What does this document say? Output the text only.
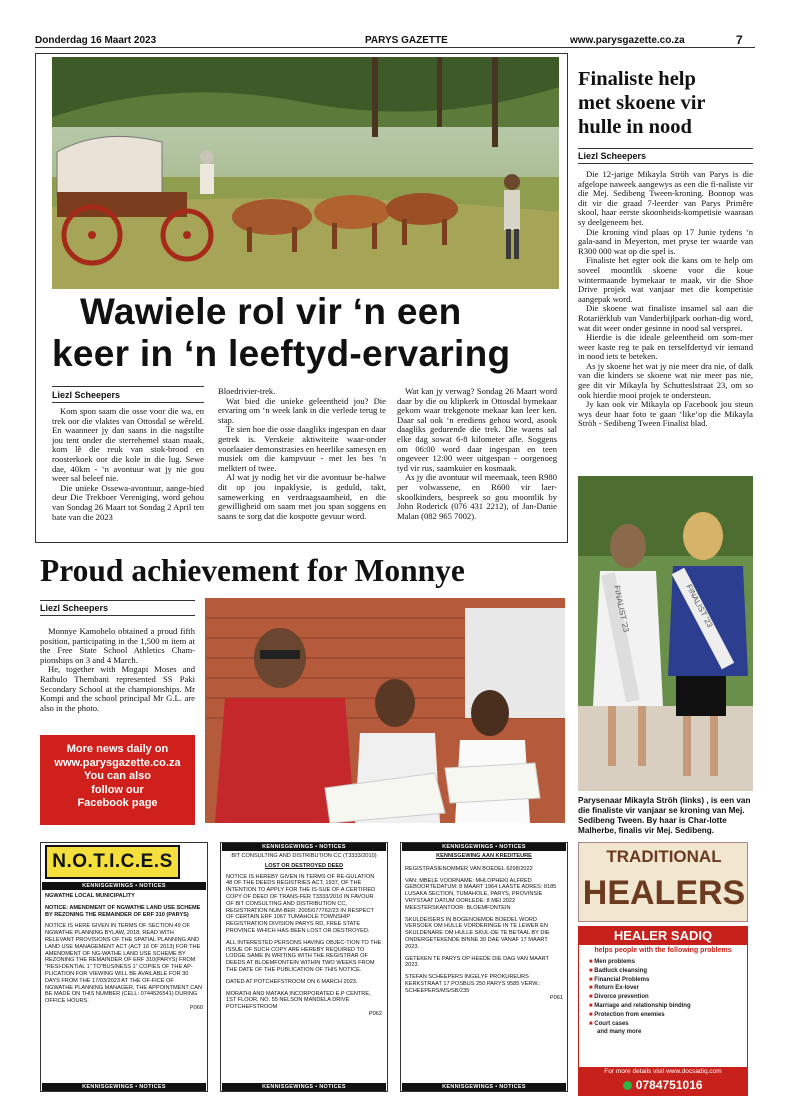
Donderdag 16 Maart 2023	PARYS GAZETTE	www.parysgazette.co.za	7
Wawiele rol vir ‘n een
keer in ‘n leeftyd-ervaring
Liezl Scheepers

Kom spon saam die osse voor die wa, en trek oor die vlaktes van Ottosdal se wêreld. En waanneer jy dan saans in die nagstilte jou tent onder die sterrehemel staan maak, kom lê die reuk van stok-brood en roosterkoek oor die kole in die lug. Sewe dae, 40km - ‘n avontuur wat jy nie gou weer sal beleef nie.

Die unieke Ossewa-avontuur, aange-bied deur Die Trekboer Vereniging, word gehou van Sondag 26 Maart tot Sondag 2 April ten bate van die 2023

Bloedrivier-trek.

Wat bied die unieke geleentheid jou? Die ervaring om ‘n week lank in die verlede terug te stap.

Te sien hoe die osse daagliks ingespan en daar getrek is. Verskeie aktiwiteite waar-onder voorlaaier demonstrasies en heerlike samesyn en musiek om die kampvuur - met les bes ‘n melktert of twee.

Al wat jy nodig het vir die avontuur be-halwe dit op jou inpaklysie, is geduld, takt, samewerking en verdraagsaamheid, en die gewilligheid om saam met jou span soggens en saans te sorg dat die kospotte gevuur word.

Wat kan jy verwag? Sondag 26 Maart word daar by die ou klipkerk in Ottosdal bymekaar gekom waar trekgenote mekaar kan leer ken. Daar sal ook ‘n erediens gehou word, asook daagliks gedurende die trek. Die waens sal elke dag sowat 6-8 kilometer afle. Soggens om 06:00 word daar ingespan en teen ongeveer 12:00 weer uitgespan - oorgenoeg tyd vir rus, saamkuier en kosmaak.

As jy die avontuur wil meemaak, teen R980 per volwassene, en R600 vir laer-skoolkinders, bespreek so gou moontlik by John Roderick (076 431 2212), of Jan-Danie Malan (082 965 7002).

Finaliste help
met skoene vir
hulle in nood
Liezl Scheepers

Die 12-jarige Mikayla Ströh van Parys is die afgelope naweek aangewys as een die fi-naliste vir die Mej. Sedibeng Tween-kroning. Boonop was dit vir die graad 7-leerder van Parys Primêre skool, haar eerste skoonheids-kompetisie waaraan sy deelgeneem het.

Die kroning vind plaas op 17 Junie tydens ‘n gala-aand in Meyerton, met pryse ter waarde van R300 000 wat op die spel is.

Finaliste het egter ook die kans om te help om soveel moontlik skoene voor die koue wintermaande bymekaar te maak, vir die Shoe Drive projek wat vanjaar met die kompetisie aangepak word.

Die skoene wat finaliste insamel sal aan die Rotariërklub van Vanderbijlpark oorhan-dig word, wat dit weer onder gesinne in nood sal versprei.

Hierdie is die ideale geleentheid om som-mer weer kaste reg te pak en terselfdertyd vir iemand in nood iets te beteken.

As jy skoene het wat jy nie meer dra nie, of dalk van die kinders se skoene wat nie meer pas nie, gee dit vir Mikayla by Schutteslstraat 23, om so ook hierdie mooi projek te ondersteun.

Jy kan ook vir Mikayla op Facebook jou steun wys deur haar foto te gaan ‘like’op die Mikayla Ströh - Sedibeng Tween Finalist blad.

FINALIST '23	FINALIST '23
Parysenaar Mikayla Ströh (links) , is een van die finaliste vir vanjaar se kroning van Mej. Sedibeng Tween. By haar is Char-lotte Malherbe, finalis vir Mej. Sedibeng.
Proud achievement for Monnye
Liezl Scheepers

Monnye Kamohelo obtained a proud fifth position, participating in the 1,500 m item at the Free State School Athletics Cham-pionships on 3 and 4 March.

He, together with Mogapi Moses and Rathulo Thembani represented SS Paki Secondary School at the championships. Mr Kompi and the school principal Mr G.L. are also in the photo.

More news daily on
www.parysgazette.co.za
You can also
follow our
Facebook page
N.O.T.I.C.E.S
KENNISGEWINGS • NOTICES
NGWATHE LOCAL MUNICIPALITY
NOTICE: AMENDMENT OF NGWATHE LAND USE SCHEME BY REZONING THE REMAINDER OF ERF 310 (PARYS)
NOTICE IS HERE GIVEN IN TERMS OF SECTION 49 OF NGWATHE PLANNING BYLAW, 2018, READ WITH RELEVANT PROVISIONS OF THE SPATIAL PLANNING AND LAND USE MANAGEMENT ACT (ACT 16 OF 2013) FOR THE AMENDMENT OF NG-WATHE LAND USE SCHEME BY REZONING THE REMAINDER OF ERF 310(PARYS) FROM “RESI-DENTIAL 1” TO”BUSINESS 1” COPIES OF THE AP-PLICATION FOR VIEWING WILL BE AVAILABLE FOR 30 DAYS FROM THE 17/03/2023 AT THE OF-FICE OF NGWATHE PLANNING MANAGER. THE APPOINTMENT CAN BE MADE ON THIS NUMBER (CELL: 0744526541) DURING OFFICE HOURS.
P060
KENNISGEWINGS • NOTICES
KENNISGEWINGS • NOTICES
BIT CONSULTING AND DISTRIBUTION CC (T3333/2010)
LOST OR DESTROYED DEED
NOTICE IS HEREBY GIVEN IN TERMS OF RE-GULATION 48 OF THE DEEDS REGISTRIES ACT, 1937, OF THE INTENTION TO APPLY FOR THE IS-SUE OF A CERTIFIED COPY OF DEED OF TRANS-FER T3333/2010 IN FAVOUR OF BIT CONSULTING AND DISTRIBUTION CC, REGISTRATION NUM-BER: 2005/077762/23 IN RESPECT OF CERTAIN ERF 1067 TUMAHOLE TOWNSHIP REGISTRATION DIVISION PARYS RD, FREE STATE PROVINCE WHICH HAS BEEN LOST OR DESTROYED.
ALL INTERESTED PERSONS HAVING OBJEC-TION TO THE ISSUE OF SUCH COPY ARE HEREBY REQUIRED TO LODGE SAME IN WRITING WITH THE REGISTRAR OF DEEDS AT BLOEMFONTEIN WITHIN TWO WEEKS FROM THE DATE OF THE PUBLICATION OF THIS NOTICE.
DATED AT POTCHEFSTROOM ON 6 MARCH 2023.
MORATHI AND MATAKA INCORPORATED E.P CENTRE, 1ST FLOOR, NO. 55 NELSON MANDELA DRIVE POTCHEFSTROOM
P062
KENNISGEWINGS • NOTICES
KENNISGEWINGS • NOTICES
KENNISGEWING AAN KREDITEURE
REGISTRASIENOMMER VAN BOEDEL 6298/2022
VAN: MBELE VOORNAME: MHLOPHEKI ALFRED GEBOORTEDATUM: 8 MAART 1964 LAASTE ADRES: 8185 LUSAKA SECTION, TUMAHOLE, PARYS, PROVINSIE VRYSTAAT DATUM OORLEDE: 8 MEI 2022 MEESTERSKANTOOR: BLOEMFONTEIN
SKULDEISERS IN BOGENOEMDE BOEDEL WORD VERSOEK OM HULLE VORDERINGE IN TE LEWER EN SKULDENARE OM HULLE SKUL-DE TE BETAAL BY DIE ONDERGETEKENDE BINNE 30 DAE VANAF 17 MAART 2023.
GETEKEN TE PARYS OP HEEDE DIE DAG VAN MAART 2023.
STEFAN SCHEEPERS INGELYF PROKUREURS KERKSTRAAT 17 POSBUS 250 PARYS 9585 VERW.: SCHEEPERS/MS/SB/235
P061
KENNISGEWINGS • NOTICES
TRADITIONAL
HEALERS
HEALER SADIQ
helps people with the following problems
■ Men problems
■ Badluck cleansing
■ Financial Problems
■ Return Ex-lover
■ Divorce prevention
■ Marriage and relationship binding
■ Protection from enemies
■ Court cases
and many more
For more details visit www.docsadiq.com
0784751016
